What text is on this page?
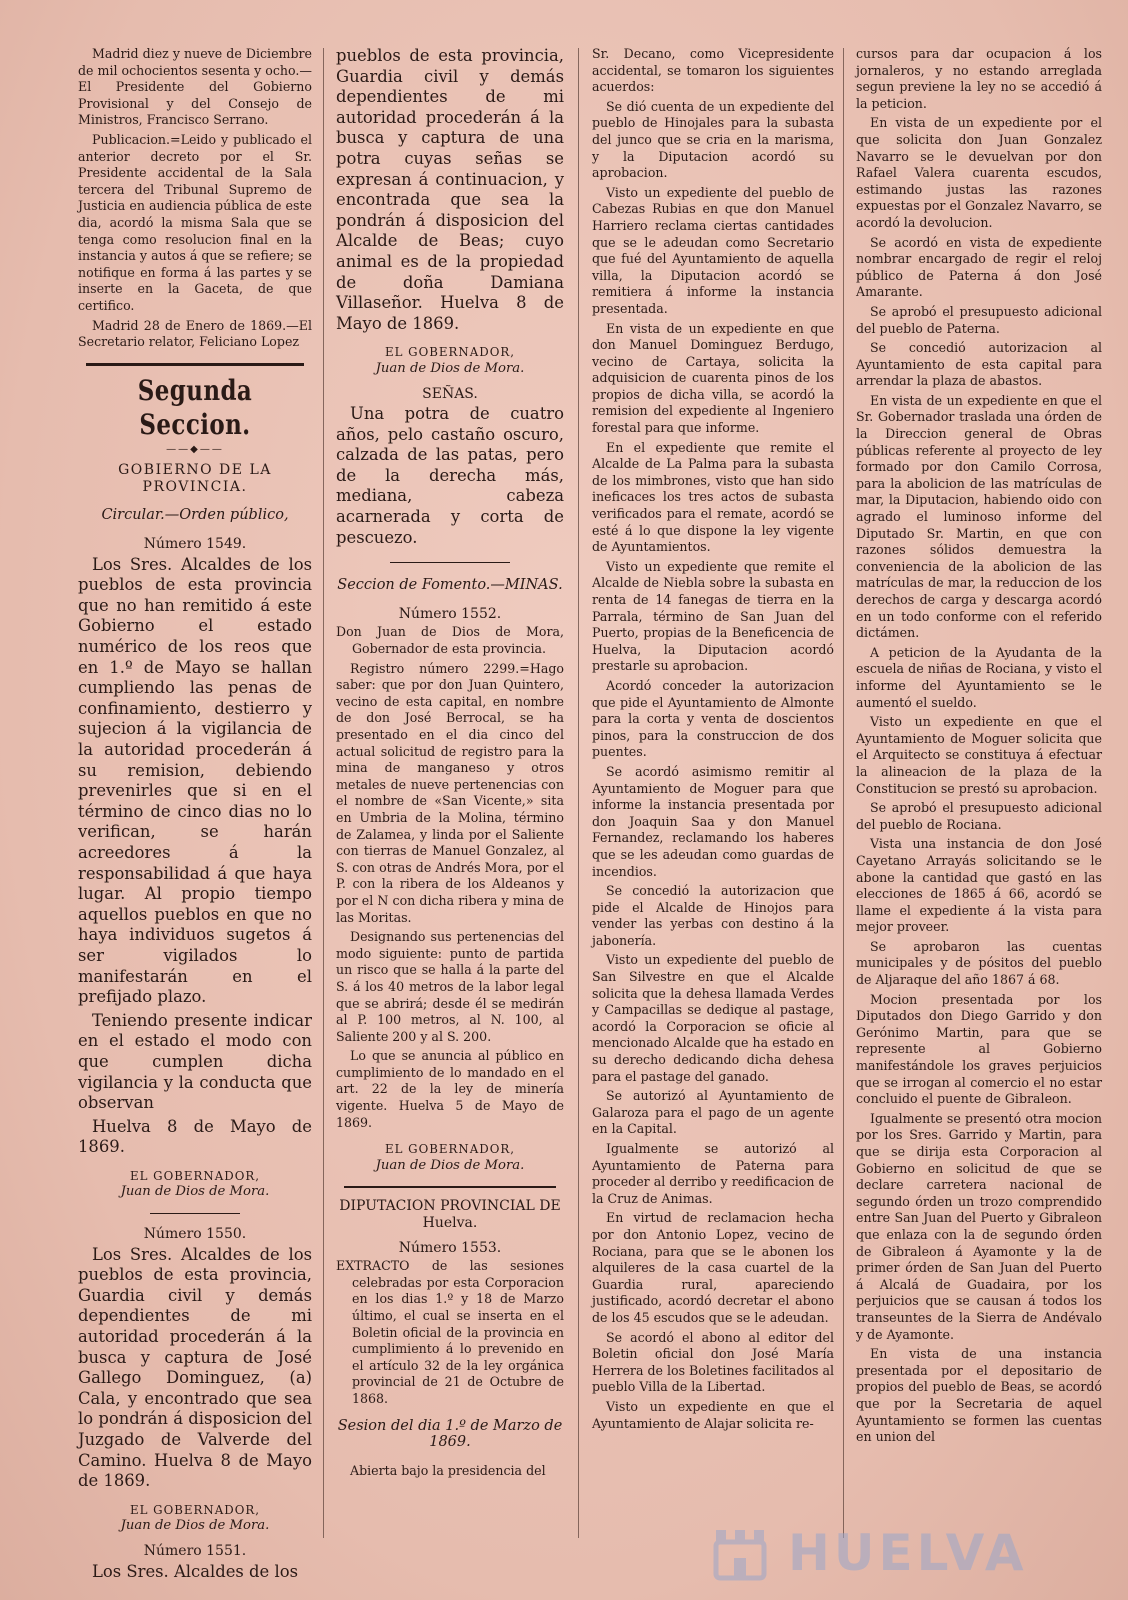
Madrid diez y nueve de Diciembre de mil ochocientos sesenta y ocho.— El Presidente del Gobierno Provisional y del Consejo de Ministros, Francisco Serrano.

Publicacion.=Leido y publicado el anterior decreto por el Sr. Presidente accidental de la Sala tercera del Tribunal Supremo de Justicia en audiencia pública de este dia, acordó la misma Sala que se tenga como resolucion final en la instancia y autos á que se refiere; se notifique en forma á las partes y se inserte en la Gaceta, de que certifico.

Madrid 28 de Enero de 1869.—El Secretario relator, Feliciano Lopez

Segunda Seccion.
——◆——
GOBIERNO DE LA PROVINCIA.
Circular.—Orden público,
Número 1549.

Los Sres. Alcaldes de los pueblos de esta provincia que no han remitido á este Gobierno el estado numérico de los reos que en 1.º de Mayo se hallan cumpliendo las penas de confinamiento, destierro y sujecion á la vigilancia de la autoridad procederán á su remision, debiendo prevenirles que si en el término de cinco dias no lo verifican, se harán acreedores á la responsabilidad á que haya lugar. Al propio tiempo aquellos pueblos en que no haya individuos sugetos á ser vigilados lo manifestarán en el prefijado plazo.

Teniendo presente indicar en el estado el modo con que cumplen dicha vigilancia y la conducta que observan

Huelva 8 de Mayo de 1869.

EL GOBERNADOR,
Juan de Dios de Mora.
Número 1550.

Los Sres. Alcaldes de los pueblos de esta provincia, Guardia civil y demás dependientes de mi autoridad procederán á la busca y captura de José Gallego Dominguez, (a) Cala, y encontrado que sea lo pondrán á disposicion del Juzgado de Valverde del Camino. Huelva 8 de Mayo de 1869.

EL GOBERNADOR,
Juan de Dios de Mora.
Número 1551.

Los Sres. Alcaldes de los

pueblos de esta provincia, Guardia civil y demás dependientes de mi autoridad procederán á la busca y captura de una potra cuyas señas se expresan á continuacion, y encontrada que sea la pondrán á disposicion del Alcalde de Beas; cuyo animal es de la propiedad de doña Damiana Villaseñor. Huelva 8 de Mayo de 1869.

EL GOBERNADOR,
Juan de Dios de Mora.
SEÑAS.

Una potra de cuatro años, pelo castaño oscuro, calzada de las patas, pero de la derecha más, mediana, cabeza acarnerada y corta de pescuezo.

Seccion de Fomento.—MINAS.
Número 1552.

Don Juan de Dios de Mora, Gobernador de esta provincia.

Registro número 2299.=Hago saber: que por don Juan Quintero, vecino de esta capital, en nombre de don José Berrocal, se ha presentado en el dia cinco del actual solicitud de registro para la mina de manganeso y otros metales de nueve pertenencias con el nombre de «San Vicente,» sita en Umbria de la Molina, término de Zalamea, y linda por el Saliente con tierras de Manuel Gonzalez, al S. con otras de Andrés Mora, por el P. con la ribera de los Aldeanos y por el N con dicha ribera y mina de las Moritas.

Designando sus pertenencias del modo siguiente: punto de partida un risco que se halla á la parte del S. á los 40 metros de la labor legal que se abrirá; desde él se medirán al P. 100 metros, al N. 100, al Saliente 200 y al S. 200.

Lo que se anuncia al público en cumplimiento de lo mandado en el art. 22 de la ley de minería vigente. Huelva 5 de Mayo de 1869.

EL GOBERNADOR,
Juan de Dios de Mora.
DIPUTACION PROVINCIAL DE Huelva.
Número 1553.

EXTRACTO de las sesiones celebradas por esta Corporacion en los dias 1.º y 18 de Marzo último, el cual se inserta en el Boletin oficial de la provincia en cumplimiento á lo prevenido en el artículo 32 de la ley orgánica provincial de 21 de Octubre de 1868.

Sesion del dia 1.º de Marzo de 1869.

Abierta bajo la presidencia del

Sr. Decano, como Vicepresidente accidental, se tomaron los siguientes acuerdos:

Se dió cuenta de un expediente del pueblo de Hinojales para la subasta del junco que se cria en la marisma, y la Diputacion acordó su aprobacion.

Visto un expediente del pueblo de Cabezas Rubias en que don Manuel Harriero reclama ciertas cantidades que se le adeudan como Secretario que fué del Ayuntamiento de aquella villa, la Diputacion acordó se remitiera á informe la instancia presentada.

En vista de un expediente en que don Manuel Dominguez Berdugo, vecino de Cartaya, solicita la adquisicion de cuarenta pinos de los propios de dicha villa, se acordó la remision del expediente al Ingeniero forestal para que informe.

En el expediente que remite el Alcalde de La Palma para la subasta de los mimbrones, visto que han sido ineficaces los tres actos de subasta verificados para el remate, acordó se esté á lo que dispone la ley vigente de Ayuntamientos.

Visto un expediente que remite el Alcalde de Niebla sobre la subasta en renta de 14 fanegas de tierra en la Parrala, término de San Juan del Puerto, propias de la Beneficencia de Huelva, la Diputacion acordó prestarle su aprobacion.

Acordó conceder la autorizacion que pide el Ayuntamiento de Almonte para la corta y venta de doscientos pinos, para la construccion de dos puentes.

Se acordó asimismo remitir al Ayuntamiento de Moguer para que informe la instancia presentada por don Joaquin Saa y don Manuel Fernandez, reclamando los haberes que se les adeudan como guardas de incendios.

Se concedió la autorizacion que pide el Alcalde de Hinojos para vender las yerbas con destino á la jabonería.

Visto un expediente del pueblo de San Silvestre en que el Alcalde solicita que la dehesa llamada Verdes y Campacillas se dedique al pastage, acordó la Corporacion se oficie al mencionado Alcalde que ha estado en su derecho dedicando dicha dehesa para el pastage del ganado.

Se autorizó al Ayuntamiento de Galaroza para el pago de un agente en la Capital.

Igualmente se autorizó al Ayuntamiento de Paterna para proceder al derribo y reedificacion de la Cruz de Animas.

En virtud de reclamacion hecha por don Antonio Lopez, vecino de Rociana, para que se le abonen los alquileres de la casa cuartel de la Guardia rural, apareciendo justificado, acordó decretar el abono de los 45 escudos que se le adeudan.

Se acordó el abono al editor del Boletin oficial don José María Herrera de los Boletines facilitados al pueblo Villa de la Libertad.

Visto un expediente en que el Ayuntamiento de Alajar solicita re-

cursos para dar ocupacion á los jornaleros, y no estando arreglada segun previene la ley no se accedió á la peticion.

En vista de un expediente por el que solicita don Juan Gonzalez Navarro se le devuelvan por don Rafael Valera cuarenta escudos, estimando justas las razones expuestas por el Gonzalez Navarro, se acordó la devolucion.

Se acordó en vista de expediente nombrar encargado de regir el reloj público de Paterna á don José Amarante.

Se aprobó el presupuesto adicional del pueblo de Paterna.

Se concedió autorizacion al Ayuntamiento de esta capital para arrendar la plaza de abastos.

En vista de un expediente en que el Sr. Gobernador traslada una órden de la Direccion general de Obras públicas referente al proyecto de ley formado por don Camilo Corrosa, para la abolicion de las matrículas de mar, la Diputacion, habiendo oido con agrado el luminoso informe del Diputado Sr. Martin, en que con razones sólidos demuestra la conveniencia de la abolicion de las matrículas de mar, la reduccion de los derechos de carga y descarga acordó en un todo conforme con el referido dictámen.

A peticion de la Ayudanta de la escuela de niñas de Rociana, y visto el informe del Ayuntamiento se le aumentó el sueldo.

Visto un expediente en que el Ayuntamiento de Moguer solicita que el Arquitecto se constituya á efectuar la alineacion de la plaza de la Constitucion se prestó su aprobacion.

Se aprobó el presupuesto adicional del pueblo de Rociana.

Vista una instancia de don José Cayetano Arrayás solicitando se le abone la cantidad que gastó en las elecciones de 1865 á 66, acordó se llame el expediente á la vista para mejor proveer.

Se aprobaron las cuentas municipales y de pósitos del pueblo de Aljaraque del año 1867 á 68.

Mocion presentada por los Diputados don Diego Garrido y don Gerónimo Martin, para que se represente al Gobierno manifestándole los graves perjuicios que se irrogan al comercio el no estar concluido el puente de Gibraleon.

Igualmente se presentó otra mocion por los Sres. Garrido y Martin, para que se dirija esta Corporacion al Gobierno en solicitud de que se declare carretera nacional de segundo órden un trozo comprendido entre San Juan del Puerto y Gibraleon que enlaza con la de segundo órden de Gibraleon á Ayamonte y la de primer órden de San Juan del Puerto á Alcalá de Guadaira, por los perjuicios que se causan á todos los transeuntes de la Sierra de Andévalo y de Ayamonte.

En vista de una instancia presentada por el depositario de propios del pueblo de Beas, se acordó que por la Secretaria de aquel Ayuntamiento se formen las cuentas en union del

HUELVA
